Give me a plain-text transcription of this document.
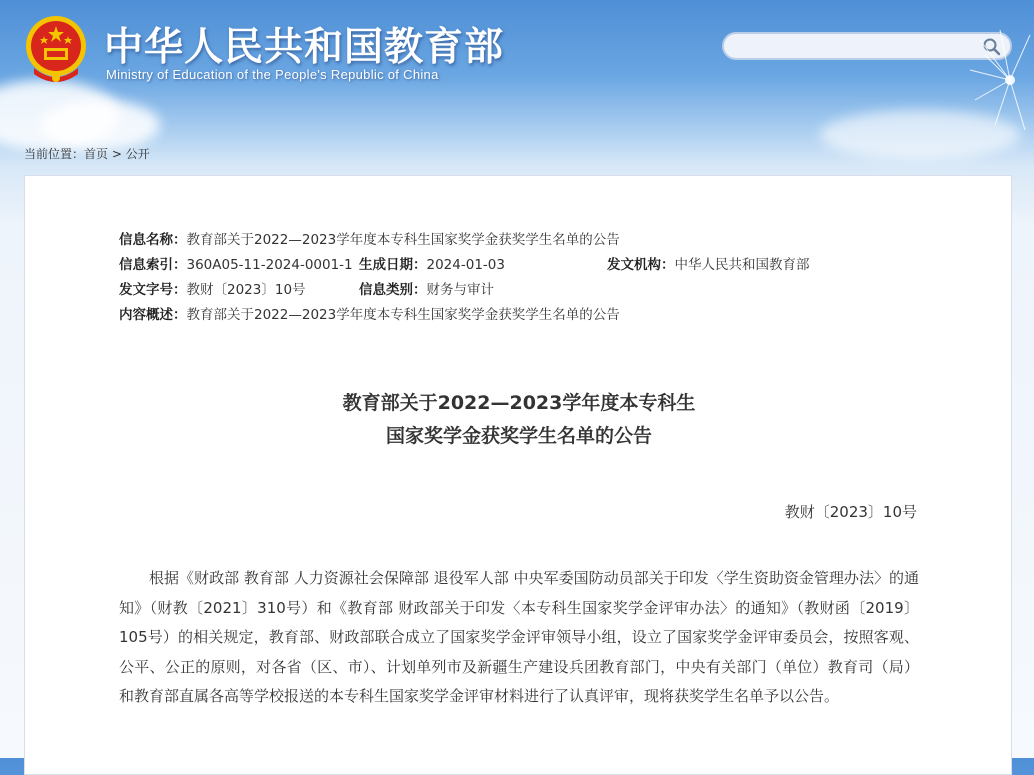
中华人民共和国教育部
Ministry of Education of the People's Republic of China
当前位置：首页 > 公开
信息名称：教育部关于2022—2023学年度本专科生国家奖学金获奖学生名单的公告
信息索引：360A05-11-2024-0001-1 生成日期：2024-01-03	发文机构：中华人民共和国教育部
发文字号：教财〔2023〕10号	信息类别：财务与审计
内容概述：教育部关于2022—2023学年度本专科生国家奖学金获奖学生名单的公告
教育部关于2022—2023学年度本专科生
国家奖学金获奖学生名单的公告
教财〔2023〕10号
根据《财政部 教育部 人力资源社会保障部 退役军人部 中央军委国防动员部关于印发〈学生资助资金管理办法〉的通知》（财教〔2021〕310号）和《教育部 财政部关于印发〈本专科生国家奖学金评审办法〉的通知》（教财函〔2019〕105号）的相关规定，教育部、财政部联合成立了国家奖学金评审领导小组，设立了国家奖学金评审委员会，按照客观、公平、公正的原则，对各省（区、市）、计划单列市及新疆生产建设兵团教育部门，中央有关部门（单位）教育司（局）和教育部直属各高等学校报送的本专科生国家奖学金评审材料进行了认真评审，现将获奖学生名单予以公告。
